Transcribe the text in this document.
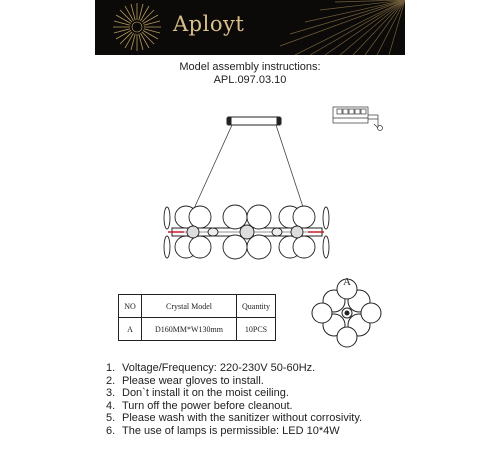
Aployt
Model assembly instructions:
APL.097.03.10
A
NO	Crystal Model	Quantity
A	D160MM*W130mm	10PCS
1. Voltage/Frequency: 220-230V 50-60Hz.
2. Please wear gloves to install.
3. Don`t install it on the moist ceiling.
4. Turn off the power before cleanout.
5. Please wash with the sanitizer without corrosivity.
6. The use of lamps is permissible: LED 10*4W
